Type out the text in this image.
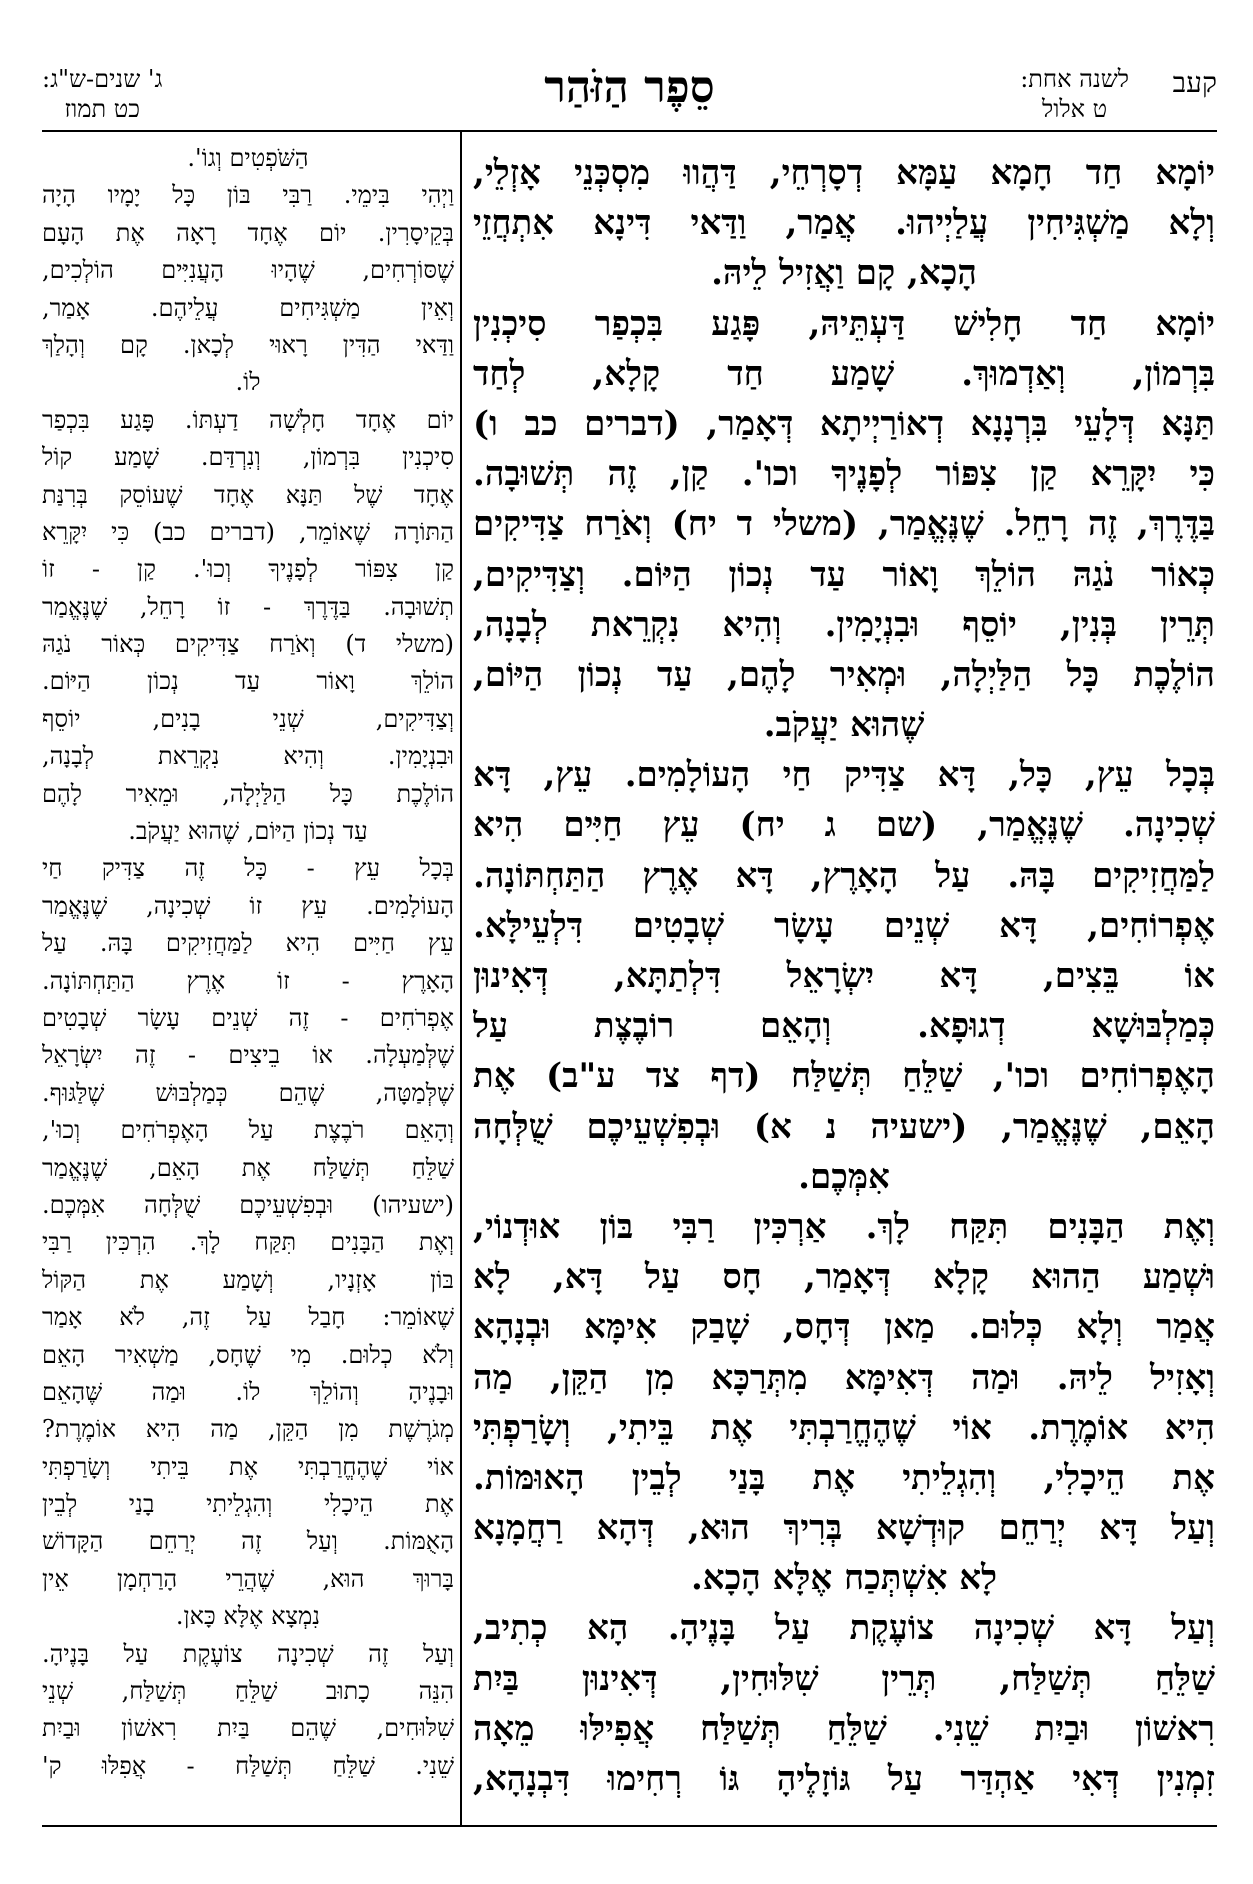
קעב
לשנה אחת:
ט אלול
סֵפֶר הַזֹּהַר
ג' שנים-ש"ג:
כט תמוז
יוֹמָא חַד חָמָא עַמָּא דְסָרְחֵי, דַּהֲווּ מִסְכְּנֵי אָזְלֵי,
וְלָא מַשְׁגִּיחִין עֲלַיְיהוּ. אֲמַר, וַדַּאי דִּינָא אִתְחֲזֵי
הָכָא, קָם וַאֲזִיל לֵיהּ.
יוֹמָא חַד חָלִישׁ דַּעְתֵּיהּ, פָּגַע בִּכְפַר סִיכְנִין
בִּרְמוֹן, וְאַדְמוּךְ. שָׁמַע חַד קָלָא, לְחַד
תַּנָּא דְּלָעֵי בִּרְנָנָא דְאוֹרַיְיתָא דְּאָמַר, (דברים כב ו)
כִּי יִקָּרֵא קַן צִפּוֹר לְפָנֶיךָ וכו'. קַן, זֶה תְּשׁוּבָה.
בַּדֶּרֶךְ, זֶה רָחֵל. שֶׁנֶּאֱמַר, (משלי ד יח) וְאֹרַח צַדִּיקִים
כְּאוֹר נֹגַהּ הוֹלֵךְ וָאוֹר עַד נְכוֹן הַיּוֹם. וְצַדִּיקִים,
תְּרֵין בְּנִין, יוֹסֵף וּבִנְיָמִין. וְהִיא נִקְרֵאת לְבָנָה,
הוֹלֶכֶת כָּל הַלַּיְלָה, וּמְאִיר לָהֶם, עַד נְכוֹן הַיּוֹם,
שֶׁהוּא יַעֲקֹב.
בְּכָל עֵץ, כָּל, דָּא צַדִּיק חַי הָעוֹלָמִים. עֵץ, דָּא
שְׁכִינָה. שֶׁנֶּאֱמַר, (שם ג יח) עֵץ חַיִּים הִיא
לַמַּחֲזִיקִים בָּהּ. עַל הָאָרֶץ, דָּא אֶרֶץ הַתַּחְתּוֹנָה.
אֶפְרוֹחִים, דָּא שְׁנֵים עָשָׂר שְׁבָטִים דִּלְעֵילָּא.
אוֹ בֵּצִים, דָּא יִשְׂרָאֵל דִּלְתַתָּא, דְּאִינוּן
כְּמַלְבּוּשָׁא דְגוּפָא. וְהָאֵם רוֹבֶצֶת עַל
הָאֶפְרוֹחִים וכו', שַׁלֵּחַ תְּשַׁלַּח (דף צד ע"ב) אֶת
הָאֵם, שֶׁנֶּאֱמַר, (ישעיה נ א) וּבְפִשְׁעֵיכֶם שֻׁלְּחָה
אִמְּכֶם.
וְאֶת הַבָּנִים תִּקַּח לָךְ. אַרְכִּין רַבִּי בּוֹן אוּדְנוֹי,
וּשְׁמַע הַהוּא קָלָא דְּאָמַר, חָס עַל דָּא, לָא
אֲמַר וְלָא כְּלוּם. מַאן דְּחָס, שָׁבַק אִימָּא וּבְנָהָא
וְאָזִיל לֵיהּ. וּמַה דְּאִימָּא מִתְּרַכָּא מִן הַקֵּן, מַה
הִיא אוֹמֶרֶת. אוֹי שֶׁהֶחֱרַבְתִּי אֶת בֵּיתִי, וְשָׂרַפְתִּי
אֶת הֵיכָלִי, וְהִגְלֵיתִי אֶת בָּנַי לְבֵין הָאוּמּוֹת.
וְעַל דָּא יְרַחֵם קוּדְשָׁא בְּרִיךְ הוּא, דְּהָא רַחֲמָנָא
לָא אִשְׁתְּכַח אֶלָּא הָכָא.
וְעַל דָּא שְׁכִינָה צוֹעֶקֶת עַל בָּנֶיהָ. הָא כְתִיב,
שַׁלֵּחַ תְּשַׁלַּח, תְּרֵין שִׁלּוּחִין, דְּאִינוּן בַּיִת
רִאשׁוֹן וּבַיִת שֵׁנִי. שַׁלֵּחַ תְּשַׁלַּח אֲפִילּוּ מֵאָה
זִמְנִין דְּאִי אַהְדַּר עַל גּוֹזָלֶיהָ גּוֹ רְחִימוּ דִּבְנָהָא,
הַשֹּׁפְטִים וְגוֹ'.
וַיְהִי בִּימֵי. רַבִּי בּוֹן כָּל יָמָיו הָיָה
בְּקֵיסָרִין. יוֹם אֶחָד רָאָה אֶת הָעָם
שֶׁסּוֹרְחִים, שֶׁהָיוּ הָעֲנִיִּים הוֹלְכִים,
וְאֵין מַשְׁגִּיחִים עֲלֵיהֶם. אָמַר,
וַדַּאי הַדִּין רָאוּי לְכָאן. קָם וְהָלַךְ
לוֹ.
יוֹם אֶחָד חָלְשָׁה דַעְתּוֹ. פָּגַע בִּכְפַר
סִיכְנִין בִּרְמוֹן, וְנִרְדַּם. שָׁמַע קוֹל
אֶחָד שֶׁל תַּנָּא אֶחָד שֶׁעוֹסֵק בְּרִנַּת
הַתּוֹרָה שֶׁאוֹמֵר, (דברים כב) כִּי יִקָּרֵא
קַן צִפּוֹר לְפָנֶיךָ וְכוּ'. קַן - זוֹ
תְשׁוּבָה. בַּדֶּרֶךְ - זוֹ רָחֵל, שֶׁנֶּאֱמַר
(משלי ד) וְאֹרַח צַדִּיקִים כְּאוֹר נֹגַהּ
הוֹלֵךְ וָאוֹר עַד נְכוֹן הַיּוֹם.
וְצַדִּיקִים, שְׁנֵי בָנִים, יוֹסֵף
וּבִנְיָמִין. וְהִיא נִקְרֵאת לְבָנָה,
הוֹלֶכֶת כָּל הַלַּיְלָה, וּמֵאִיר לָהֶם
עַד נְכוֹן הַיּוֹם, שֶׁהוּא יַעֲקֹב.
בְּכָל עֵץ - כָּל זֶה צַדִּיק חַי
הָעוֹלָמִים. עֵץ זוֹ שְׁכִינָה, שֶׁנֶּאֱמַר
עֵץ חַיִּים הִיא לַמַּחֲזִיקִים בָּהּ. עַל
הָאָרֶץ - זוֹ אֶרֶץ הַתַּחְתּוֹנָה.
אֶפְרֹחִים - זֶה שְׁנֵים עָשָׂר שְׁבָטִים
שֶׁלְּמַעְלָה. אוֹ בֵיצִים - זֶה יִשְׂרָאֵל
שֶׁלְּמַטָּה, שֶׁהֵם כְּמַלְבּוּשׁ שֶׁלַּגּוּף.
וְהָאֵם רֹבֶצֶת עַל הָאֶפְרֹחִים וְכוּ',
שַׁלֵּחַ תְּשַׁלַּח אֶת הָאֵם, שֶׁנֶּאֱמַר
(ישעיהו) וּבְפִשְׁעֵיכֶם שֻׁלְּחָה אִמְּכֶם.
וְאֶת הַבָּנִים תִּקַּח לָךְ. הִרְכִּין רַבִּי
בּוֹן אָזְנָיו, וְשָׁמַע אֶת הַקּוֹל
שֶׁאוֹמֵר: חָבַל עַל זֶה, לֹא אָמַר
וְלֹא כְלוּם. מִי שֶׁחָס, מַשְׁאִיר הָאֵם
וּבָנֶיהָ וְהוֹלֵךְ לוֹ. וּמַה שֶּׁהָאֵם
מְגֹרֶשֶׁת מִן הַקֵּן, מַה הִיא אוֹמֶרֶת?
אוֹי שֶׁהֶחֱרַבְתִּי אֶת בֵּיתִי וְשָׂרַפְתִּי
אֶת הֵיכָלִי וְהִגְלֵיתִי בָנַי לְבֵין
הָאֻמּוֹת. וְעַל זֶה יְרַחֵם הַקָּדוֹשׁ
בָּרוּךְ הוּא, שֶׁהֲרֵי הָרַחְמָן אֵין
נִמְצָא אֶלָּא כָּאן.
וְעַל זֶה שְׁכִינָה צוֹעֶקֶת עַל בָּנֶיהָ.
הִנֵּה כָתוּב שַׁלֵּחַ תְּשַׁלַּח, שְׁנֵי
שִׁלּוּחִים, שֶׁהֵם בַּיִת רִאשׁוֹן וּבַיִת
שֵׁנִי. שַׁלֵּחַ תְּשַׁלַּח - אֲפִלּוּ ק'
